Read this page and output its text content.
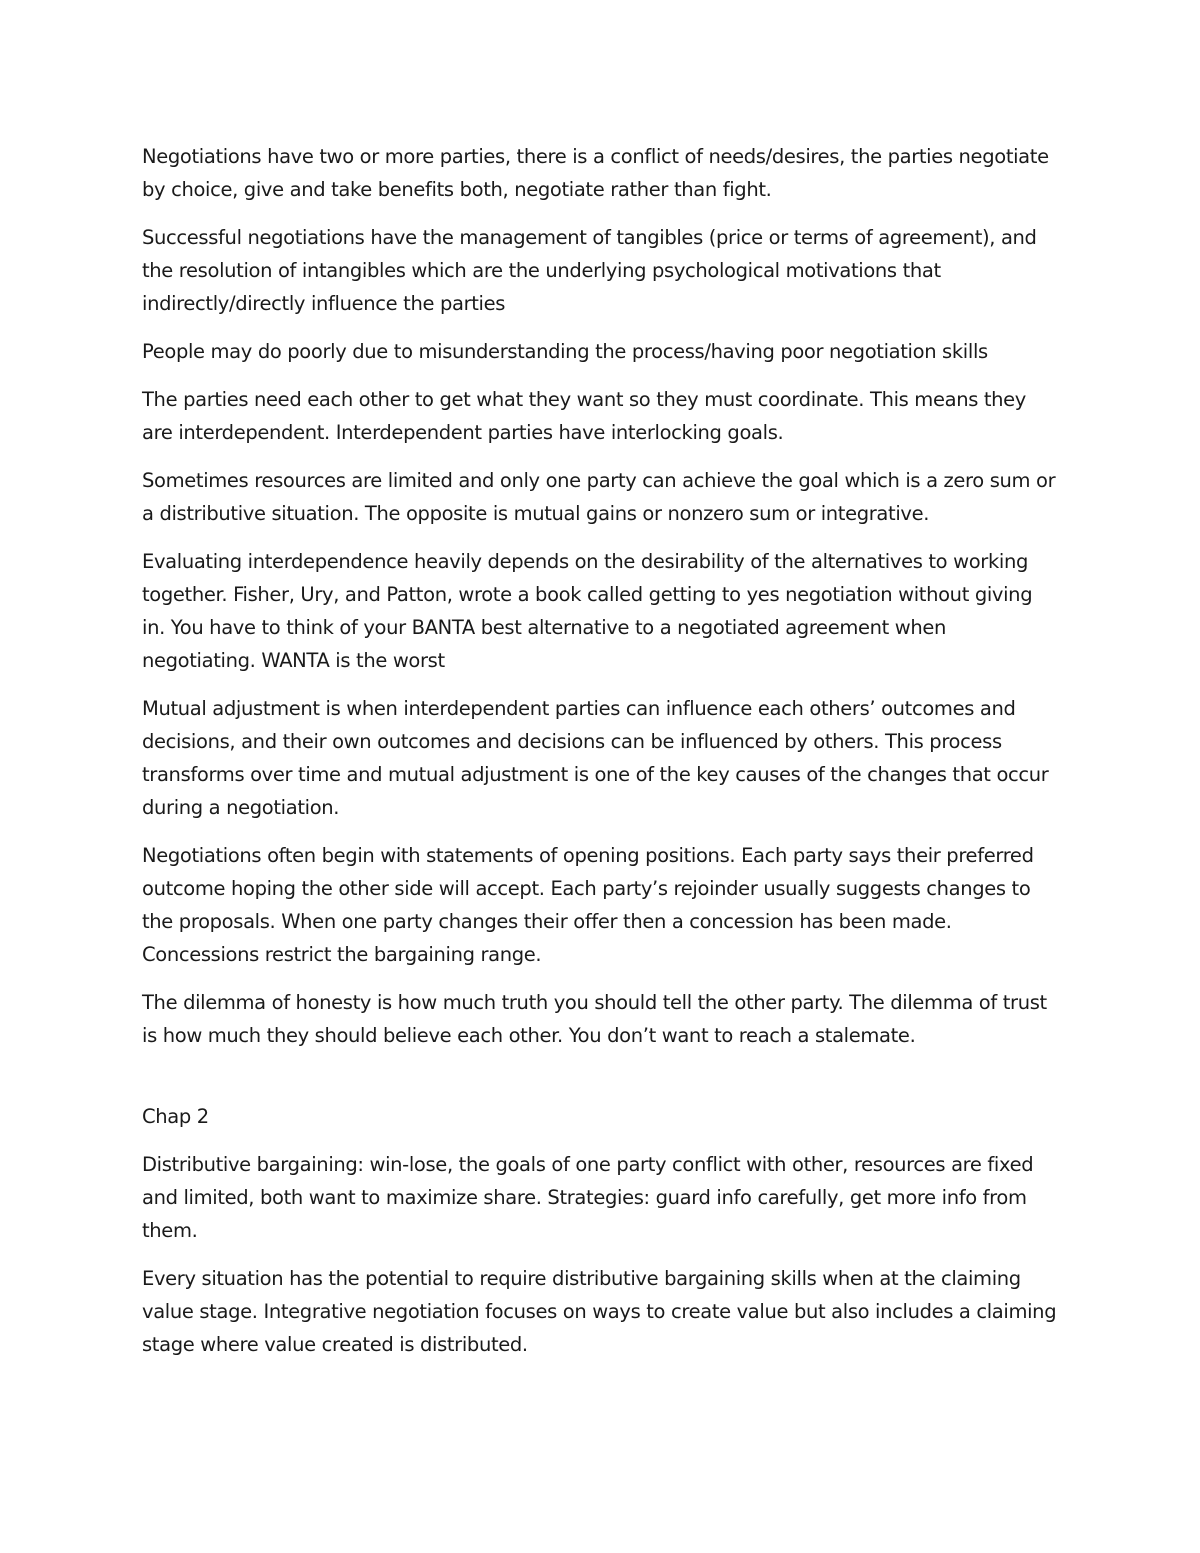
Negotiations have two or more parties, there is a conflict of needs/desires, the parties negotiate by choice, give and take benefits both, negotiate rather than fight.

Successful negotiations have the management of tangibles (price or terms of agreement), and the resolution of intangibles which are the underlying psychological motivations that indirectly/directly influence the parties

People may do poorly due to misunderstanding the process/having poor negotiation skills

The parties need each other to get what they want so they must coordinate. This means they are interdependent. Interdependent parties have interlocking goals.

Sometimes resources are limited and only one party can achieve the goal which is a zero sum or a distributive situation. The opposite is mutual gains or nonzero sum or integrative.

Evaluating interdependence heavily depends on the desirability of the alternatives to working together. Fisher, Ury, and Patton, wrote a book called getting to yes negotiation without giving in. You have to think of your BANTA best alternative to a negotiated agreement when negotiating. WANTA is the worst

Mutual adjustment is when interdependent parties can influence each others’ outcomes and decisions, and their own outcomes and decisions can be influenced by others. This process transforms over time and mutual adjustment is one of the key causes of the changes that occur during a negotiation.

Negotiations often begin with statements of opening positions. Each party says their preferred outcome hoping the other side will accept. Each party’s rejoinder usually suggests changes to the proposals. When one party changes their offer then a concession has been made. Concessions restrict the bargaining range.

The dilemma of honesty is how much truth you should tell the other party. The dilemma of trust is how much they should believe each other. You don’t want to reach a stalemate.

Chap 2

Distributive bargaining: win-lose, the goals of one party conflict with other, resources are fixed and limited, both want to maximize share. Strategies: guard info carefully, get more info from them.

Every situation has the potential to require distributive bargaining skills when at the claiming value stage. Integrative negotiation focuses on ways to create value but also includes a claiming stage where value created is distributed.
